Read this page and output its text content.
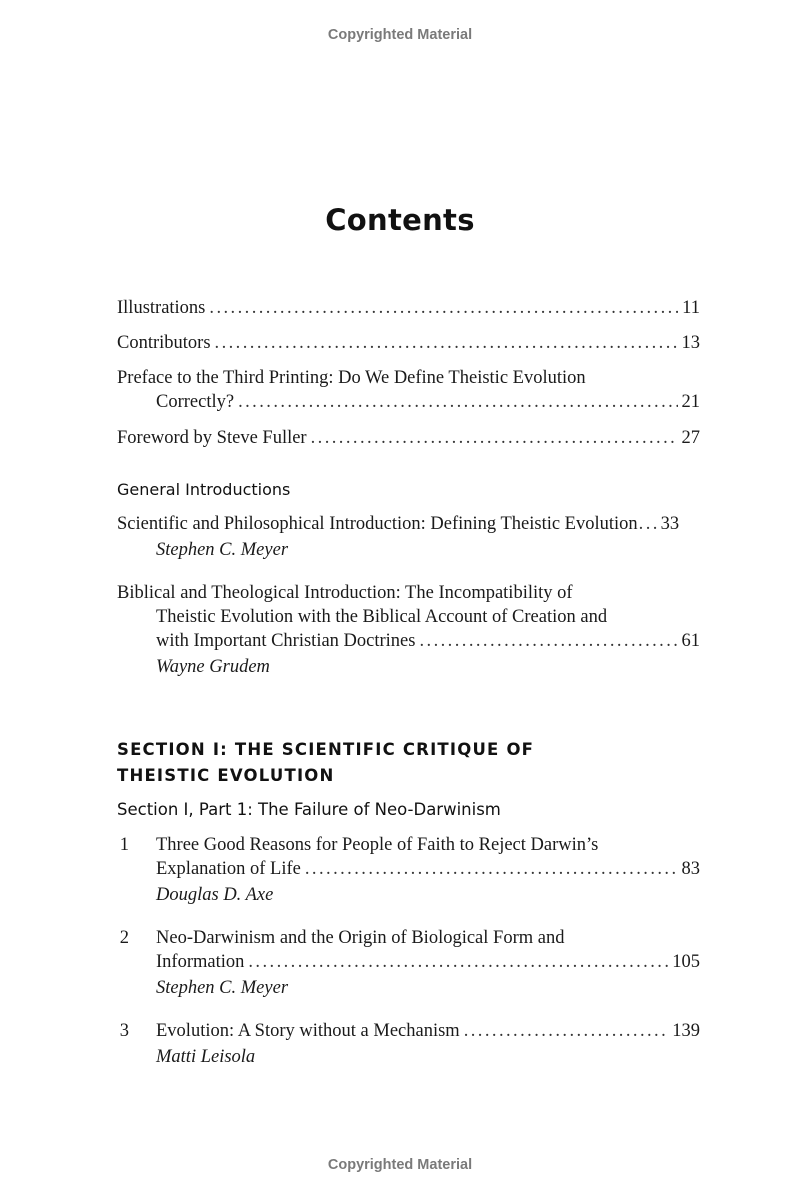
Copyrighted Material
Contents
Illustrations . . .	11
Contributors . . .	13
Preface to the Third Printing: Do We Define Theistic Evolution
Correctly? . . .	21
Foreword by Steve Fuller . . .	27
General Introductions
Scientific and Philosophical Introduction: Defining Theistic Evolution . . . 33
Stephen C. Meyer
Biblical and Theological Introduction: The Incompatibility of
Theistic Evolution with the Biblical Account of Creation and
with Important Christian Doctrines . . .	61
Wayne Grudem
SECTION I: THE SCIENTIFIC CRITIQUE OF
THEISTIC EVOLUTION
Section I, Part 1: The Failure of Neo-Darwinism
1 Three Good Reasons for People of Faith to Reject Darwin’s
Explanation of Life . . .	83
Douglas D. Axe
2 Neo-Darwinism and the Origin of Biological Form and
Information . . .	105
Stephen C. Meyer
3 Evolution: A Story without a Mechanism . . .	139
Matti Leisola
Copyrighted Material
